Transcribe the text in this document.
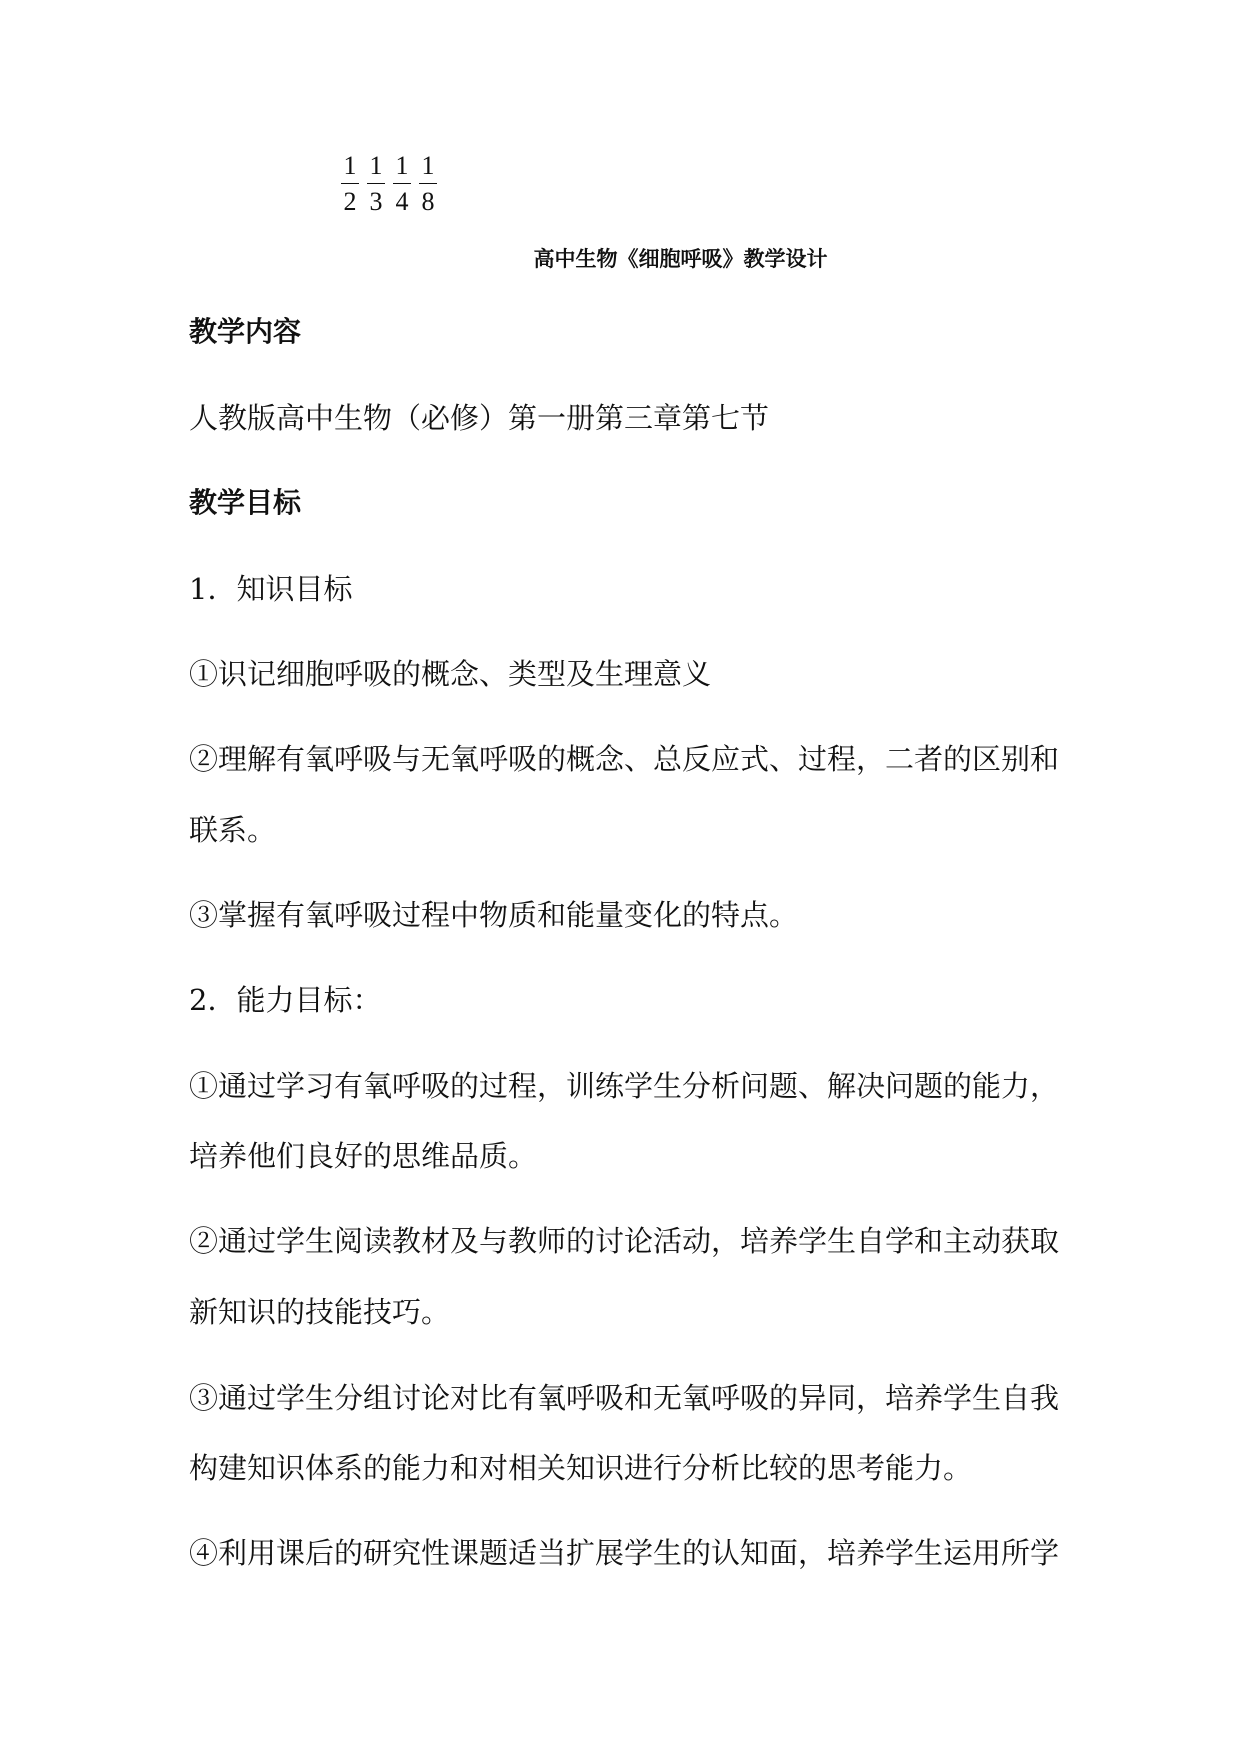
$\frac{1}{2} \frac{1}{3} \frac{1}{4} \frac{1}{8}$
高中生物《细胞呼吸》教学设计
教学内容
人教版高中生物（必修）第一册第三章第七节
教学目标
1．知识目标
①识记细胞呼吸的概念、类型及生理意义
②理解有氧呼吸与无氧呼吸的概念、总反应式、过程，二者的区别和
联系。
③掌握有氧呼吸过程中物质和能量变化的特点。
2．能力目标：
①通过学习有氧呼吸的过程，训练学生分析问题、解决问题的能力，
培养他们良好的思维品质。
②通过学生阅读教材及与教师的讨论活动，培养学生自学和主动获取
新知识的技能技巧。
③通过学生分组讨论对比有氧呼吸和无氧呼吸的异同，培养学生自我
构建知识体系的能力和对相关知识进行分析比较的思考能力。
④利用课后的研究性课题适当扩展学生的认知面，培养学生运用所学
